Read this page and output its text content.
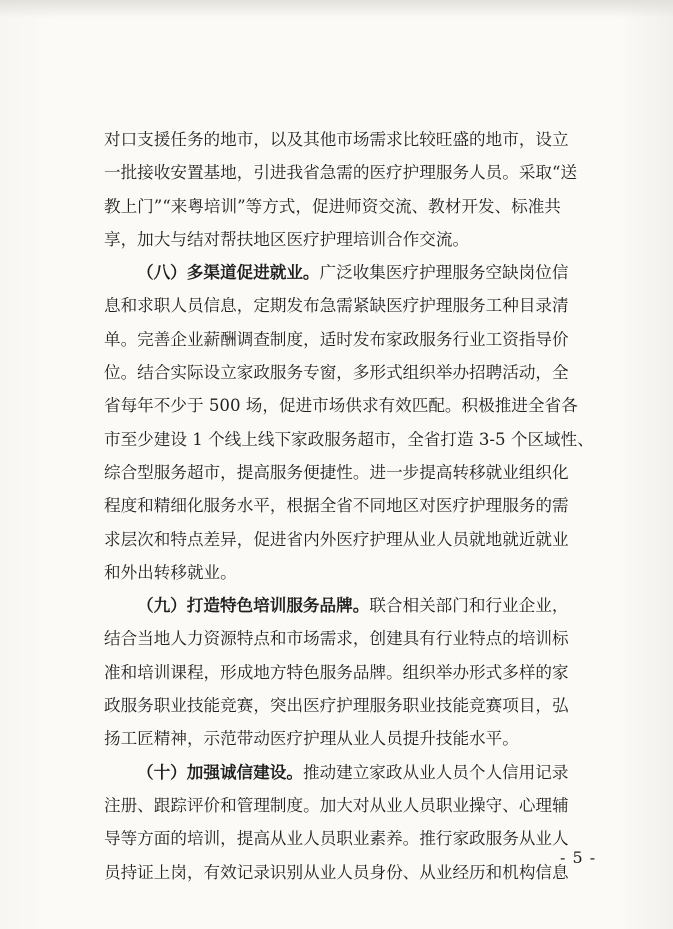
对口支援任务的地市，以及其他市场需求比较旺盛的地市，设立
一批接收安置基地，引进我省急需的医疗护理服务人员。采取“送
教上门”“来粤培训”等方式，促进师资交流、教材开发、标准共
享，加大与结对帮扶地区医疗护理培训合作交流。
（八）多渠道促进就业。广泛收集医疗护理服务空缺岗位信
息和求职人员信息，定期发布急需紧缺医疗护理服务工种目录清
单。完善企业薪酬调查制度，适时发布家政服务行业工资指导价
位。结合实际设立家政服务专窗，多形式组织举办招聘活动，全
省每年不少于 500 场，促进市场供求有效匹配。积极推进全省各
市至少建设 1 个线上线下家政服务超市，全省打造 3-5 个区域性、
综合型服务超市，提高服务便捷性。进一步提高转移就业组织化
程度和精细化服务水平，根据全省不同地区对医疗护理服务的需
求层次和特点差异，促进省内外医疗护理从业人员就地就近就业
和外出转移就业。
（九）打造特色培训服务品牌。联合相关部门和行业企业，
结合当地人力资源特点和市场需求，创建具有行业特点的培训标
准和培训课程，形成地方特色服务品牌。组织举办形式多样的家
政服务职业技能竞赛，突出医疗护理服务职业技能竞赛项目，弘
扬工匠精神，示范带动医疗护理从业人员提升技能水平。
（十）加强诚信建设。推动建立家政从业人员个人信用记录
注册、跟踪评价和管理制度。加大对从业人员职业操守、心理辅
导等方面的培训，提高从业人员职业素养。推行家政服务从业人
员持证上岗，有效记录识别从业人员身份、从业经历和机构信息
- 5 -
